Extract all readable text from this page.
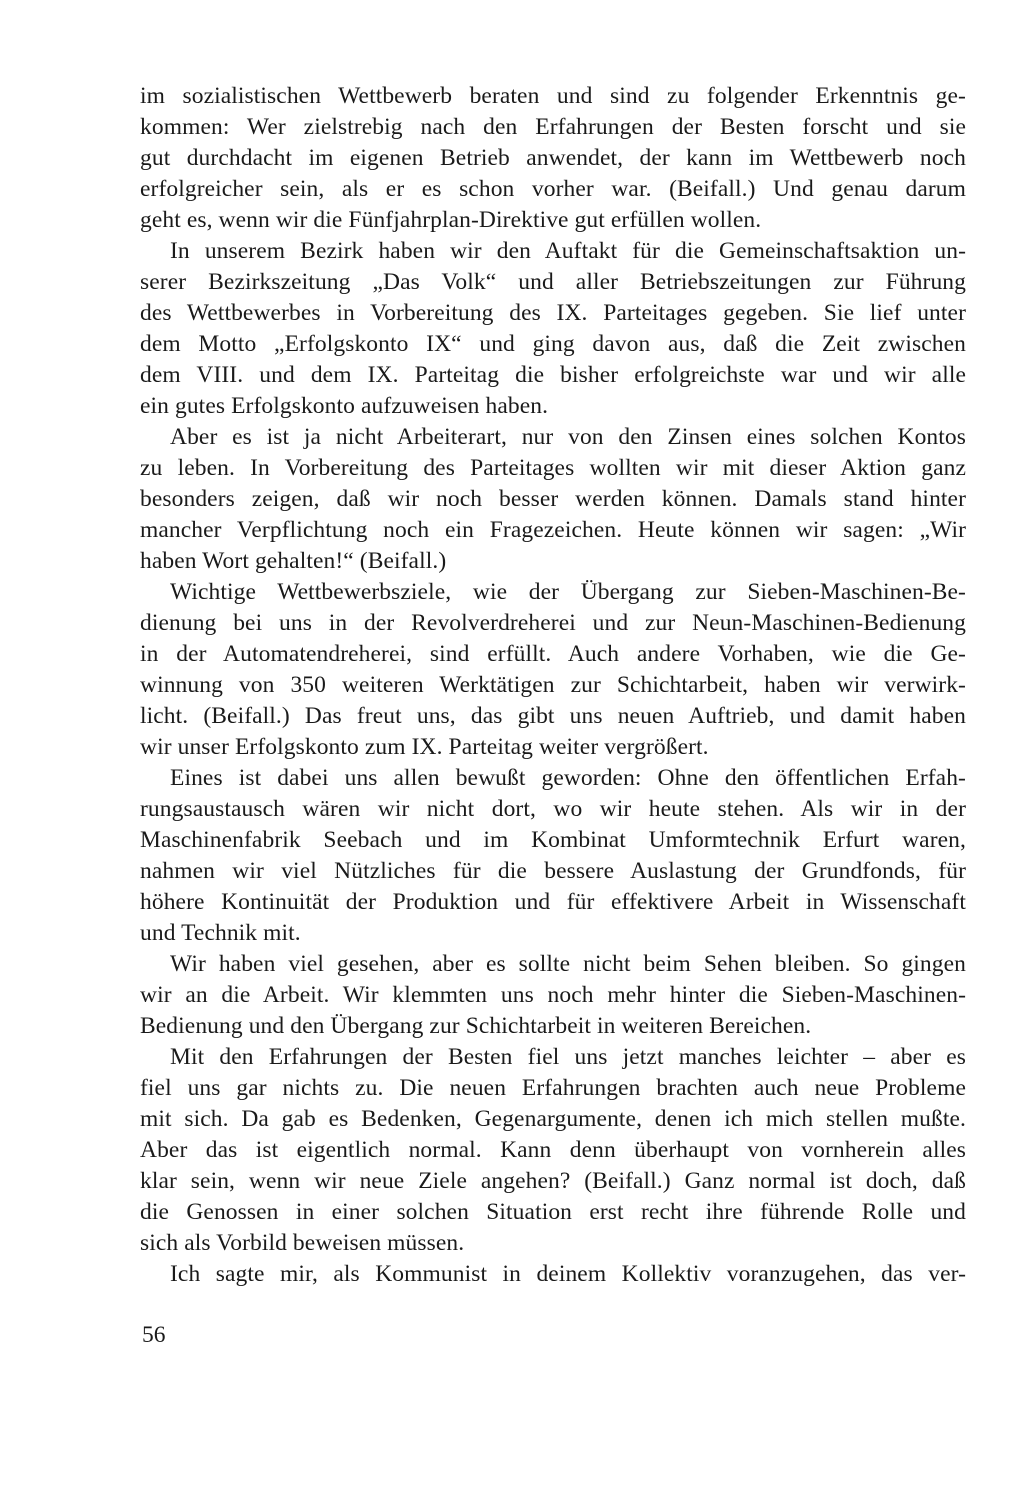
im sozialistischen Wettbewerb beraten und sind zu folgender Erkenntnis ge-
kommen: Wer zielstrebig nach den Erfahrungen der Besten forscht und sie
gut durchdacht im eigenen Betrieb anwendet, der kann im Wettbewerb noch
erfolgreicher sein, als er es schon vorher war. (Beifall.) Und genau darum
geht es, wenn wir die Fünfjahrplan-Direktive gut erfüllen wollen.
In unserem Bezirk haben wir den Auftakt für die Gemeinschaftsaktion un-
serer Bezirkszeitung „Das Volk“ und aller Betriebszeitungen zur Führung
des Wettbewerbes in Vorbereitung des IX. Parteitages gegeben. Sie lief unter
dem Motto „Erfolgskonto IX“ und ging davon aus, daß die Zeit zwischen
dem VIII. und dem IX. Parteitag die bisher erfolgreichste war und wir alle
ein gutes Erfolgskonto aufzuweisen haben.
Aber es ist ja nicht Arbeiterart, nur von den Zinsen eines solchen Kontos
zu leben. In Vorbereitung des Parteitages wollten wir mit dieser Aktion ganz
besonders zeigen, daß wir noch besser werden können. Damals stand hinter
mancher Verpflichtung noch ein Fragezeichen. Heute können wir sagen: „Wir
haben Wort gehalten!“ (Beifall.)
Wichtige Wettbewerbsziele, wie der Übergang zur Sieben-Maschinen-Be-
dienung bei uns in der Revolverdreherei und zur Neun-Maschinen-Bedienung
in der Automatendreherei, sind erfüllt. Auch andere Vorhaben, wie die Ge-
winnung von 350 weiteren Werktätigen zur Schichtarbeit, haben wir verwirk-
licht. (Beifall.) Das freut uns, das gibt uns neuen Auftrieb, und damit haben
wir unser Erfolgskonto zum IX. Parteitag weiter vergrößert.
Eines ist dabei uns allen bewußt geworden: Ohne den öffentlichen Erfah-
rungsaustausch wären wir nicht dort, wo wir heute stehen. Als wir in der
Maschinenfabrik Seebach und im Kombinat Umformtechnik Erfurt waren,
nahmen wir viel Nützliches für die bessere Auslastung der Grundfonds, für
höhere Kontinuität der Produktion und für effektivere Arbeit in Wissenschaft
und Technik mit.
Wir haben viel gesehen, aber es sollte nicht beim Sehen bleiben. So gingen
wir an die Arbeit. Wir klemmten uns noch mehr hinter die Sieben-Maschinen-
Bedienung und den Übergang zur Schichtarbeit in weiteren Bereichen.
Mit den Erfahrungen der Besten fiel uns jetzt manches leichter – aber es
fiel uns gar nichts zu. Die neuen Erfahrungen brachten auch neue Probleme
mit sich. Da gab es Bedenken, Gegenargumente, denen ich mich stellen mußte.
Aber das ist eigentlich normal. Kann denn überhaupt von vornherein alles
klar sein, wenn wir neue Ziele angehen? (Beifall.) Ganz normal ist doch, daß
die Genossen in einer solchen Situation erst recht ihre führende Rolle und
sich als Vorbild beweisen müssen.
Ich sagte mir, als Kommunist in deinem Kollektiv voranzugehen, das ver-
56
